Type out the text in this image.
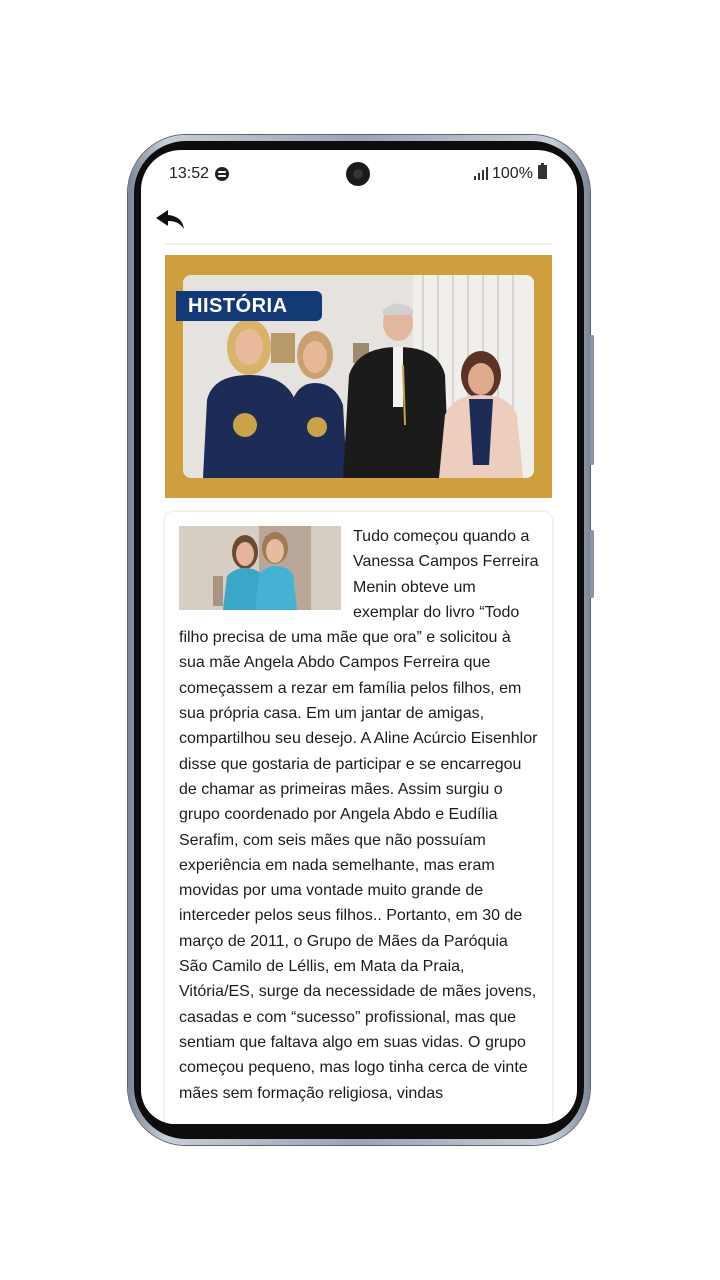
13:52	100%
HISTÓRIA

Tudo começou quando a Vanessa Campos Ferreira Menin obteve um exemplar do livro “Todo filho precisa de uma mãe que ora” e solicitou à sua mãe Angela Abdo Campos Ferreira que começassem a rezar em família pelos filhos, em sua própria casa. Em um jantar de amigas, compartilhou seu desejo. A Aline Acúrcio Eisenhlor disse que gostaria de participar e se encarregou de chamar as primeiras mães. Assim surgiu o grupo coordenado por Angela Abdo e Eudília Serafim, com seis mães que não possuíam experiência em nada semelhante, mas eram movidas por uma vontade muito grande de interceder pelos seus filhos.. Portanto, em 30 de março de 2011, o Grupo de Mães da Paróquia São Camilo de Léllis, em Mata da Praia, Vitória/ES, surge da necessidade de mães jovens, casadas e com “sucesso” profissional, mas que sentiam que faltava algo em suas vidas. O grupo começou pequeno, mas logo tinha cerca de vinte mães sem formação religiosa, vindas
